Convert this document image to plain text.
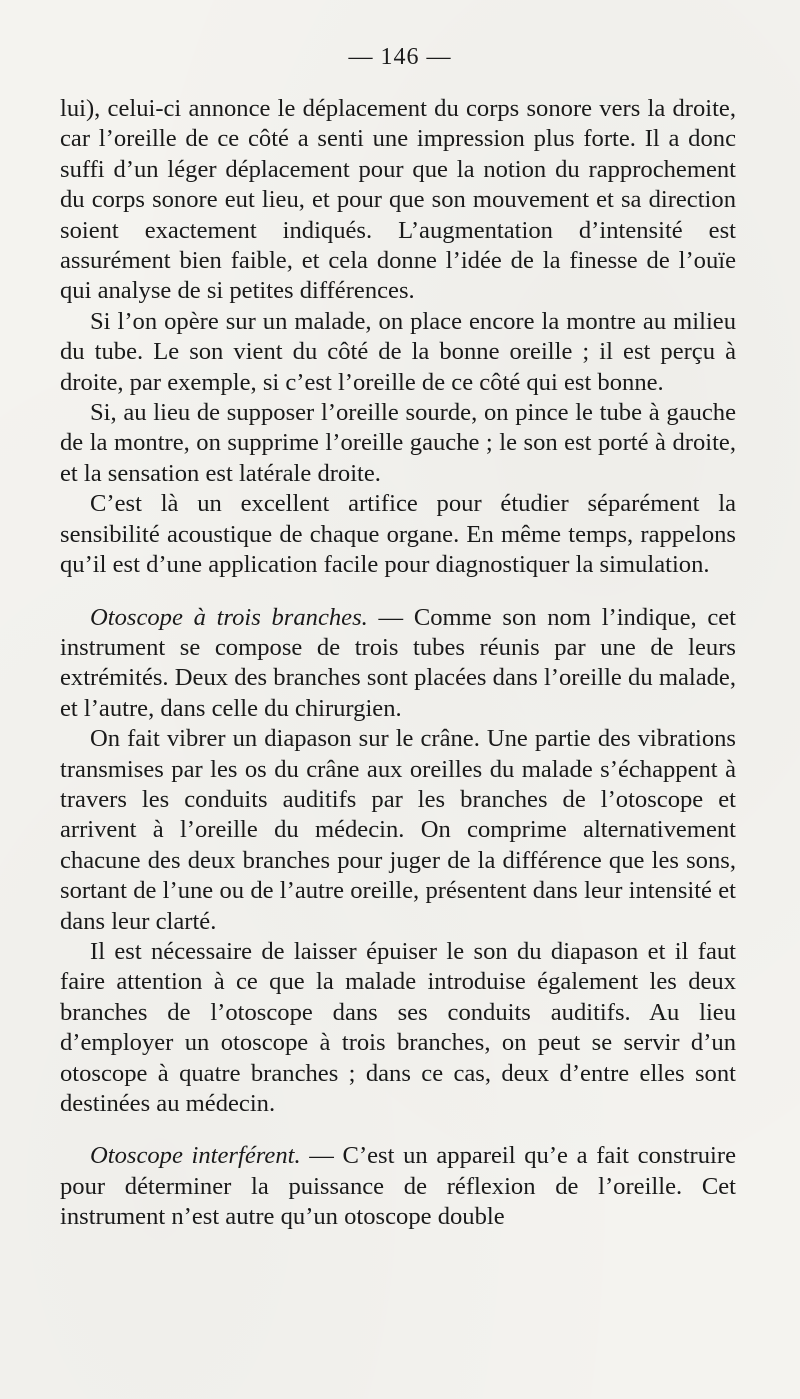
— 146 —

lui), celui-ci annonce le déplacement du corps sonore vers la droite, car l’oreille de ce côté a senti une impression plus forte. Il a donc suffi d’un léger déplacement pour que la notion du rapprochement du corps sonore eut lieu, et pour que son mouvement et sa direction soient exactement indiqués. L’augmentation d’intensité est assurément bien faible, et cela donne l’idée de la finesse de l’ouïe qui analyse de si petites différences.

Si l’on opère sur un malade, on place encore la montre au milieu du tube. Le son vient du côté de la bonne oreille ; il est perçu à droite, par exemple, si c’est l’oreille de ce côté qui est bonne.

Si, au lieu de supposer l’oreille sourde, on pince le tube à gauche de la montre, on supprime l’oreille gauche ; le son est porté à droite, et la sensation est latérale droite.

C’est là un excellent artifice pour étudier séparément la sensibilité acoustique de chaque organe. En même temps, rappelons qu’il est d’une application facile pour diagnostiquer la simulation.

Otoscope à trois branches. — Comme son nom l’indique, cet instrument se compose de trois tubes réunis par une de leurs extrémités. Deux des branches sont placées dans l’oreille du malade, et l’autre, dans celle du chirurgien.

On fait vibrer un diapason sur le crâne. Une partie des vibrations transmises par les os du crâne aux oreilles du malade s’échappent à travers les conduits auditifs par les branches de l’otoscope et arrivent à l’oreille du médecin. On comprime alternativement chacune des deux branches pour juger de la différence que les sons, sortant de l’une ou de l’autre oreille, présentent dans leur intensité et dans leur clarté.

Il est nécessaire de laisser épuiser le son du diapason et il faut faire attention à ce que la malade introduise également les deux branches de l’otoscope dans ses conduits auditifs. Au lieu d’employer un otoscope à trois branches, on peut se servir d’un otoscope à quatre branches ; dans ce cas, deux d’entre elles sont destinées au médecin.

Otoscope interférent. — C’est un appareil qu’e a fait construire pour déterminer la puissance de réflexion de l’oreille. Cet instrument n’est autre qu’un otoscope double
